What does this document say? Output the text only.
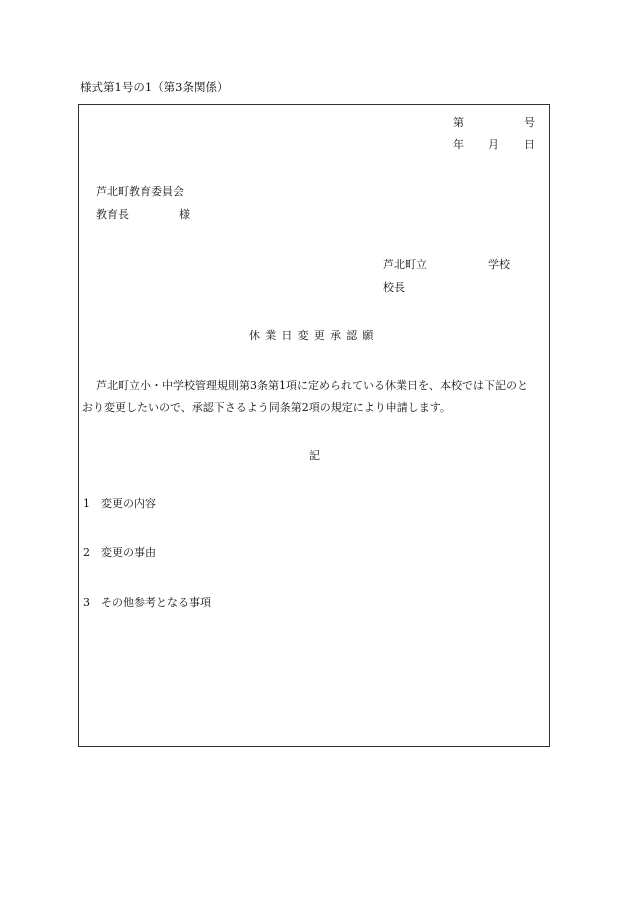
様式第1号の1（第3条関係）
第	号
年 月 日
芦北町教育委員会
教育長	様
芦北町立	学校
校長
休業日変更承認願
芦北町立小・中学校管理規則第3条第1項に定められている休業日を、本校では下記のと
おり変更したいので、承認下さるよう同条第2項の規定により申請します。
記
1 変更の内容
2 変更の事由
3 その他参考となる事項
